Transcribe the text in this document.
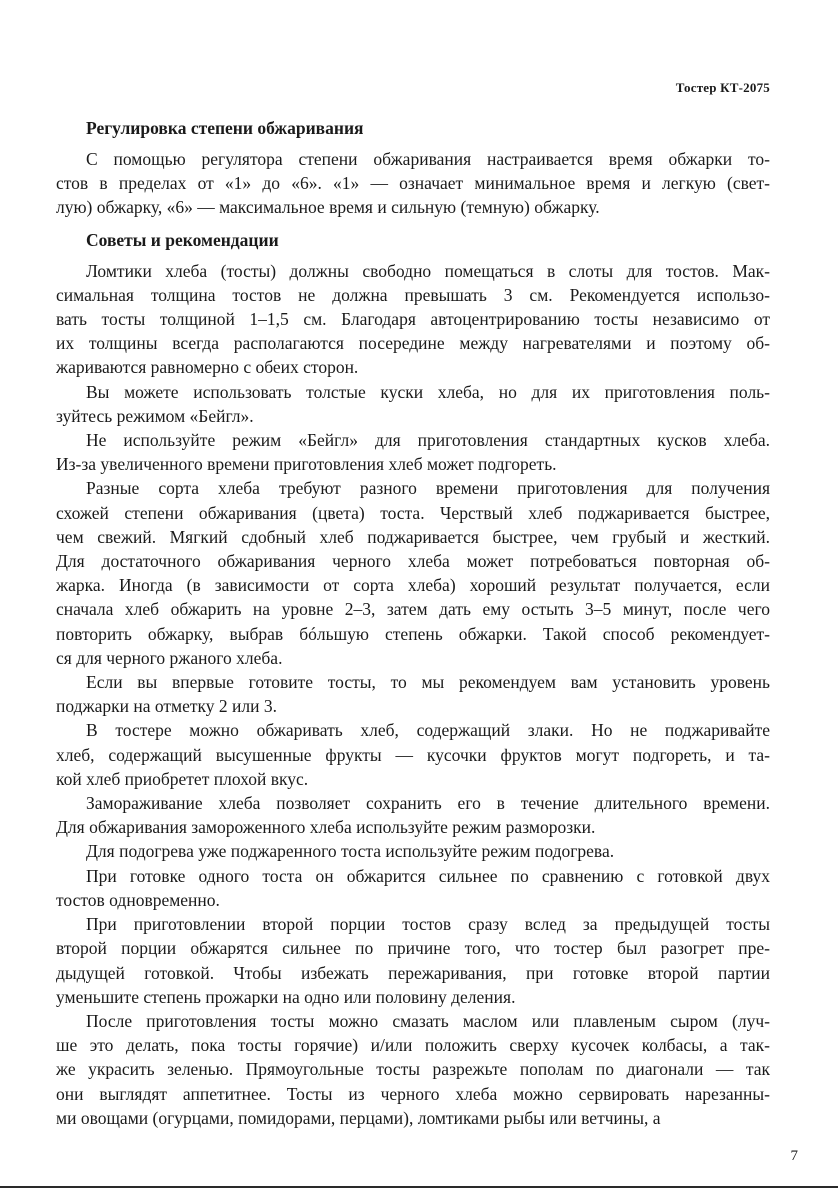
Тостер КТ-2075
Регулировка степени обжаривания
С помощью регулятора степени обжаривания настраивается время обжарки то-
стов в пределах от «1» до «6». «1» — означает минимальное время и легкую (свет-
лую) обжарку, «6» — максимальное время и сильную (темную) обжарку.
Советы и рекомендации
Ломтики хлеба (тосты) должны свободно помещаться в слоты для тостов. Мак-
симальная толщина тостов не должна превышать 3 см. Рекомендуется использо-
вать тосты толщиной 1–1,5 см. Благодаря автоцентрированию тосты независимо от
их толщины всегда располагаются посередине между нагревателями и поэтому об-
жариваются равномерно с обеих сторон.
Вы можете использовать толстые куски хлеба, но для их приготовления поль-
зуйтесь режимом «Бейгл».
Не используйте режим «Бейгл» для приготовления стандартных кусков хлеба.
Из-за увеличенного времени приготовления хлеб может подгореть.
Разные сорта хлеба требуют разного времени приготовления для получения
схожей степени обжаривания (цвета) тоста. Черствый хлеб поджаривается быстрее,
чем свежий. Мягкий сдобный хлеб поджаривается быстрее, чем грубый и жесткий.
Для достаточного обжаривания черного хлеба может потребоваться повторная об-
жарка. Иногда (в зависимости от сорта хлеба) хороший результат получается, если
сначала хлеб обжарить на уровне 2–3, затем дать ему остыть 3–5 минут, после чего
повторить обжарку, выбрав бóльшую степень обжарки. Такой способ рекомендует-
ся для черного ржаного хлеба.
Если вы впервые готовите тосты, то мы рекомендуем вам установить уровень
поджарки на отметку 2 или 3.
В тостере можно обжаривать хлеб, содержащий злаки. Но не поджаривайте
хлеб, содержащий высушенные фрукты — кусочки фруктов могут подгореть, и та-
кой хлеб приобретет плохой вкус.
Замораживание хлеба позволяет сохранить его в течение длительного времени.
Для обжаривания замороженного хлеба используйте режим разморозки.
Для подогрева уже поджаренного тоста используйте режим подогрева.
При готовке одного тоста он обжарится сильнее по сравнению с готовкой двух
тостов одновременно.
При приготовлении второй порции тостов сразу вслед за предыдущей тосты
второй порции обжарятся сильнее по причине того, что тостер был разогрет пре-
дыдущей готовкой. Чтобы избежать пережаривания, при готовке второй партии
уменьшите степень прожарки на одно или половину деления.
После приготовления тосты можно смазать маслом или плавленым сыром (луч-
ше это делать, пока тосты горячие) и/или положить сверху кусочек колбасы, а так-
же украсить зеленью. Прямоугольные тосты разрежьте пополам по диагонали — так
они выглядят аппетитнее. Тосты из черного хлеба можно сервировать нарезанны-
ми овощами (огурцами, помидорами, перцами), ломтиками рыбы или ветчины, а
7
